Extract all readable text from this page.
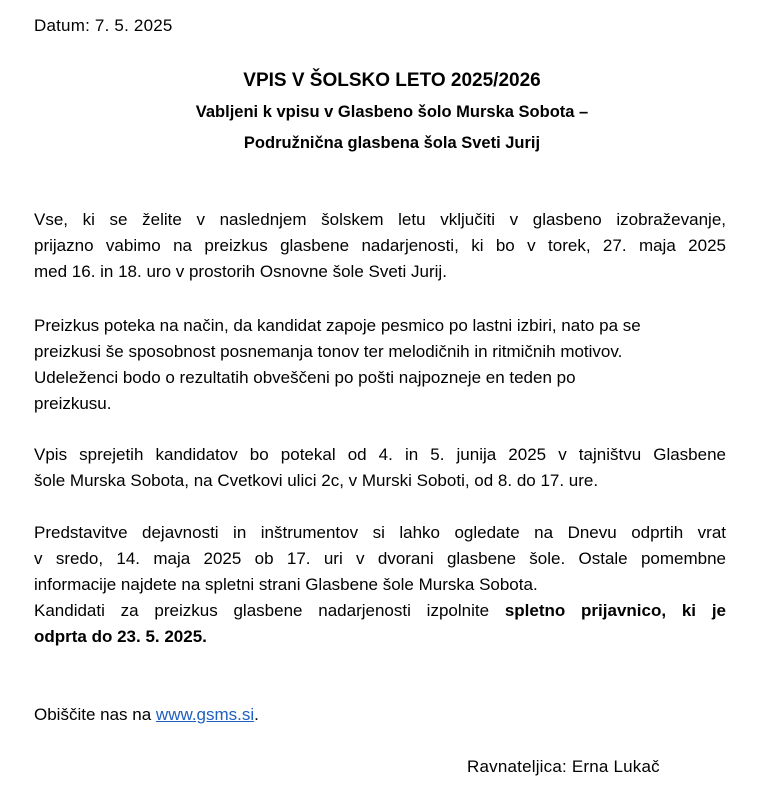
Datum: 7. 5. 2025
VPIS V ŠOLSKO LETO 2025/2026
Vabljeni k vpisu v Glasbeno šolo Murska Sobota –
Podružnična glasbena šola Sveti Jurij
Vse, ki se želite v naslednjem šolskem letu vključiti v glasbeno izobraževanje,
prijazno vabimo na preizkus glasbene nadarjenosti, ki bo v torek, 27. maja 2025
med 16. in 18. uro v prostorih Osnovne šole Sveti Jurij.
Preizkus poteka na način, da kandidat zapoje pesmico po lastni izbiri, nato pa se
preizkusi še sposobnost posnemanja tonov ter melodičnih in ritmičnih motivov.
Udeleženci bodo o rezultatih obveščeni po pošti najpozneje en teden po
preizkusu.
Vpis sprejetih kandidatov bo potekal od 4. in 5. junija 2025 v tajništvu Glasbene
šole Murska Sobota, na Cvetkovi ulici 2c, v Murski Soboti, od 8. do 17. ure.
Predstavitve dejavnosti in inštrumentov si lahko ogledate na Dnevu odprtih vrat
v sredo, 14. maja 2025 ob 17. uri v dvorani glasbene šole. Ostale pomembne
informacije najdete na spletni strani Glasbene šole Murska Sobota.
Kandidati za preizkus glasbene nadarjenosti izpolnite spletno prijavnico, ki je
odprta do 23. 5. 2025.
Obiščite nas na www.gsms.si.
Ravnateljica: Erna Lukač
